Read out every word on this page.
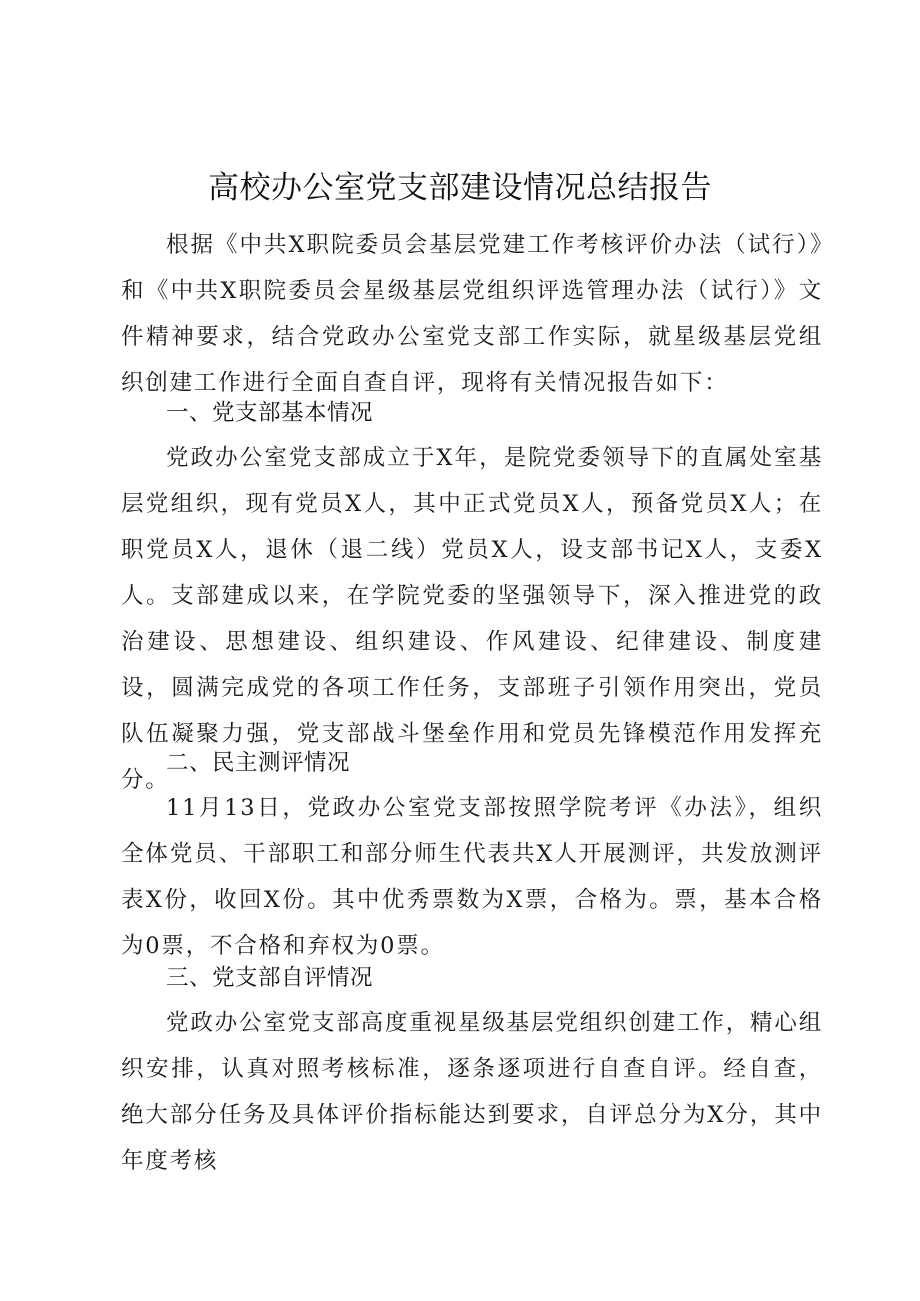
高校办公室党支部建设情况总结报告

根据《中共X职院委员会基层党建工作考核评价办法（试行）》和《中共X职院委员会星级基层党组织评选管理办法（试行）》文件精神要求，结合党政办公室党支部工作实际，就星级基层党组织创建工作进行全面自查自评，现将有关情况报告如下：

一、党支部基本情况

党政办公室党支部成立于X年，是院党委领导下的直属处室基层党组织，现有党员X人，其中正式党员X人，预备党员X人；在职党员X人，退休（退二线）党员X人，设支部书记X人，支委X人。支部建成以来，在学院党委的坚强领导下，深入推进党的政治建设、思想建设、组织建设、作风建设、纪律建设、制度建设，圆满完成党的各项工作任务，支部班子引领作用突出，党员队伍凝聚力强，党支部战斗堡垒作用和党员先锋模范作用发挥充分。

二、民主测评情况

11月13日，党政办公室党支部按照学院考评《办法》，组织全体党员、干部职工和部分师生代表共X人开展测评，共发放测评表X份，收回X份。其中优秀票数为X票，合格为。票，基本合格为0票，不合格和弃权为0票。

三、党支部自评情况

党政办公室党支部高度重视星级基层党组织创建工作，精心组织安排，认真对照考核标准，逐条逐项进行自查自评。经自查，绝大部分任务及具体评价指标能达到要求，自评总分为X分，其中年度考核
